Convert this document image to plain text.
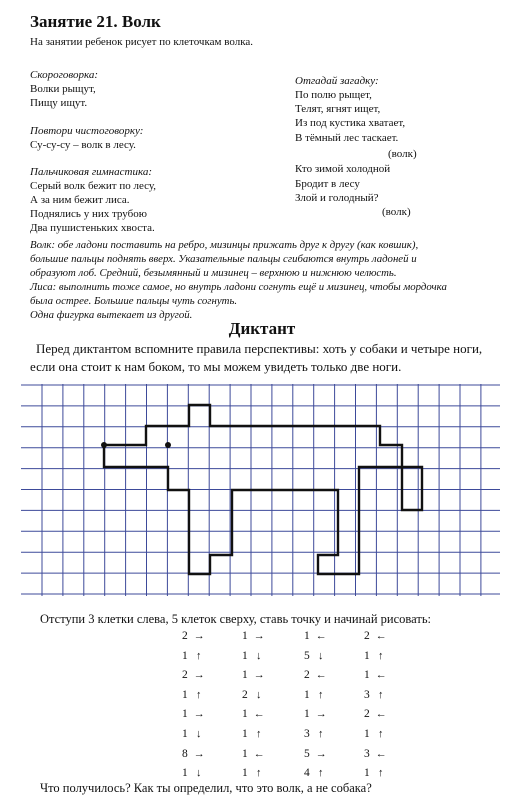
Занятие 21. Волк
На занятии ребенок рисует по клеточкам волка.
Скороговорка:
Волки рыщут,
Пищу ищут.
Повтори чистоговорку:
Су-су-су – волк в лесу.
Пальчиковая гимнастика:
Серый волк бежит по лесу,
А за ним бежит лиса.
Поднялись у них трубою
Два пушистеньких хвоста.
Отгадай загадку:
По полю рыщет,
Телят, ягнят ищет,
Из под кустика хватает,
В тёмный лес таскает.
(волк)
Кто зимой холодной
Бродит в лесу
Злой и голодный?
(волк)
Волк: обе ладони поставить на ребро, мизинцы прижать друг к другу (как ковшик),
большие пальцы поднять вверх. Указательные пальцы сгибаются внутрь ладоней и
образуют лоб. Средний, безымянный и мизинец – верхнюю и нижнюю челюсть.
Лиса: выполнить тоже самое, но внутрь ладони согнуть ещё и мизинец, чтобы мордочка
была острее. Большие пальцы чуть согнуть.
Одна фигурка вытекает из другой.
Диктант
Перед диктантом вспомните правила перспективы: хоть у собаки и четыре ноги, если она стоит к нам боком, то мы можем увидеть только две ноги.
Отступи 3 клетки слева, 5 клеток сверху, ставь точку и начинай рисовать:
2 →	1 →	1 ←	2 ←
1 ↑	1 ↓	5 ↓	1 ↑
2 →	1 →	2 ←	1 ←
1 ↑	2 ↓	1 ↑	3 ↑
1 →	1 ←	1 →	2 ←
1 ↓	1 ↑	3 ↑	1 ↑
8 →	1 ←	5 →	3 ←
1 ↓	1 ↑	4 ↑	1 ↑
Что получилось? Как ты определил, что это волк, а не собака?
